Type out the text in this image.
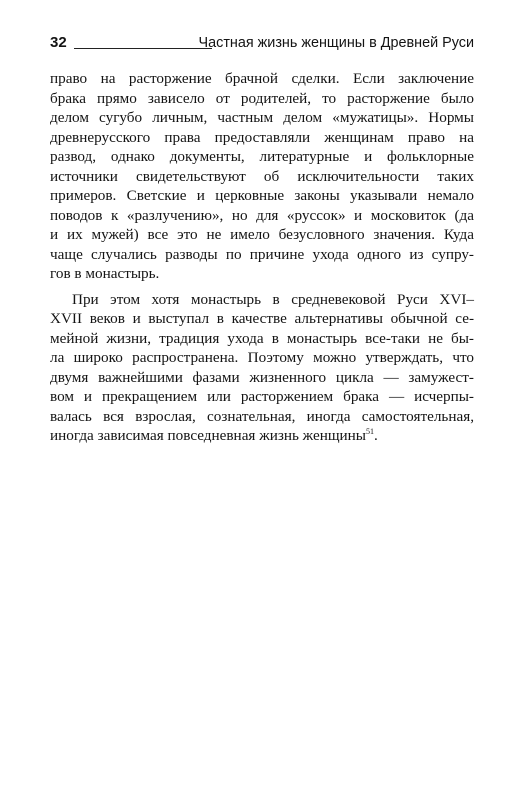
32	Частная жизнь женщины в Древней Руси
право на расторжение брачной сделки. Если заключение
брака прямо зависело от родителей, то расторжение было
делом сугубо личным, частным делом «мужатицы». Нормы
древнерусского права предоставляли женщинам право на
развод, однако документы, литературные и фольклорные
источники свидетельствуют об исключительности таких
примеров. Светские и церковные законы указывали немало
поводов к «разлучению», но для «руссок» и московиток (да
и их мужей) все это не имело безусловного значения. Куда
чаще случались разводы по причине ухода одного из супру-
гов в монастырь.
При этом хотя монастырь в средневековой Руси XVI–
XVII веков и выступал в качестве альтернативы обычной се-
мейной жизни, традиция ухода в монастырь все-таки не бы-
ла широко распространена. Поэтому можно утверждать, что
двумя важнейшими фазами жизненного цикла — замужест-
вом и прекращением или расторжением брака — исчерпы-
валась вся взрослая, сознательная, иногда самостоятельная,
иногда зависимая повседневная жизнь женщины$^{51}$.
